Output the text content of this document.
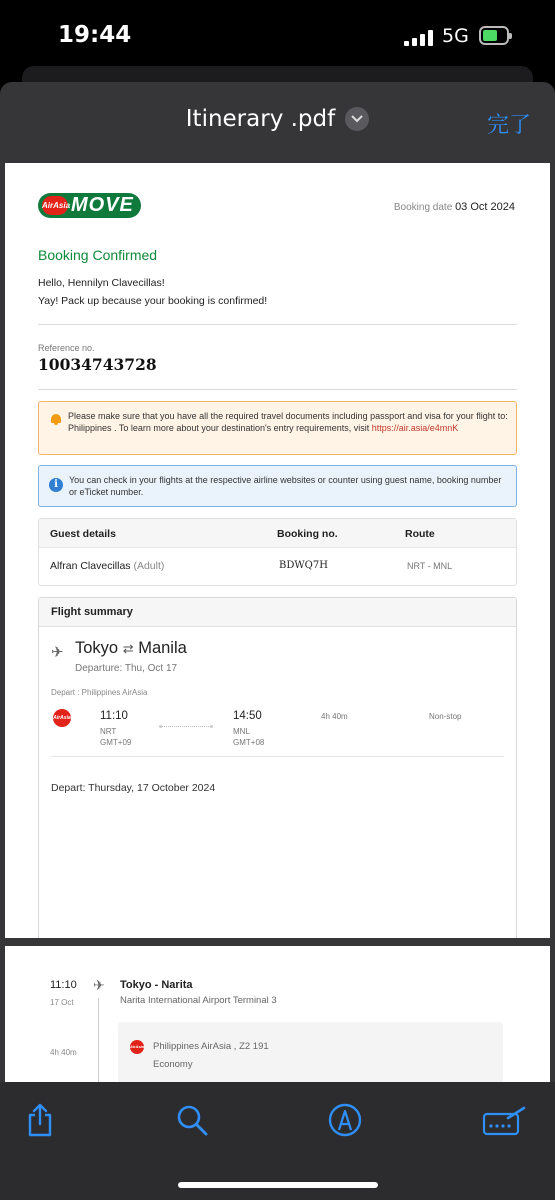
19:44	5G
Itinerary .pdf	完了
AirAsia MOVE	Booking date 03 Oct 2024
Booking Confirmed
Hello, Hennilyn Clavecillas!
Yay! Pack up because your booking is confirmed!
Reference no.
10034743728
Please make sure that you have all the required travel documents including passport and visa for your flight to: Philippines . To learn more about your destination's entry requirements, visit https://air.asia/e4mnK
i	You can check in your flights at the respective airline websites or counter using guest name, booking number or eTicket number.
Guest details	Booking no.	Route
Alfran Clavecillas (Adult)	BDWQ7H	NRT - MNL
Flight summary
✈ Tokyo ⇄ Manila
Departure: Thu, Oct 17
Depart : Philippines AirAsia
AirAsia	11:10
NRT
GMT+09
14:50
MNL
GMT+08
4h 40m	Non-stop
Depart: Thursday, 17 October 2024
11:10
17 Oct
4h 40m
✈ Tokyo - Narita
Narita International Airport Terminal 3
AirAsia Philippines AirAsia , Z2 191
Economy
